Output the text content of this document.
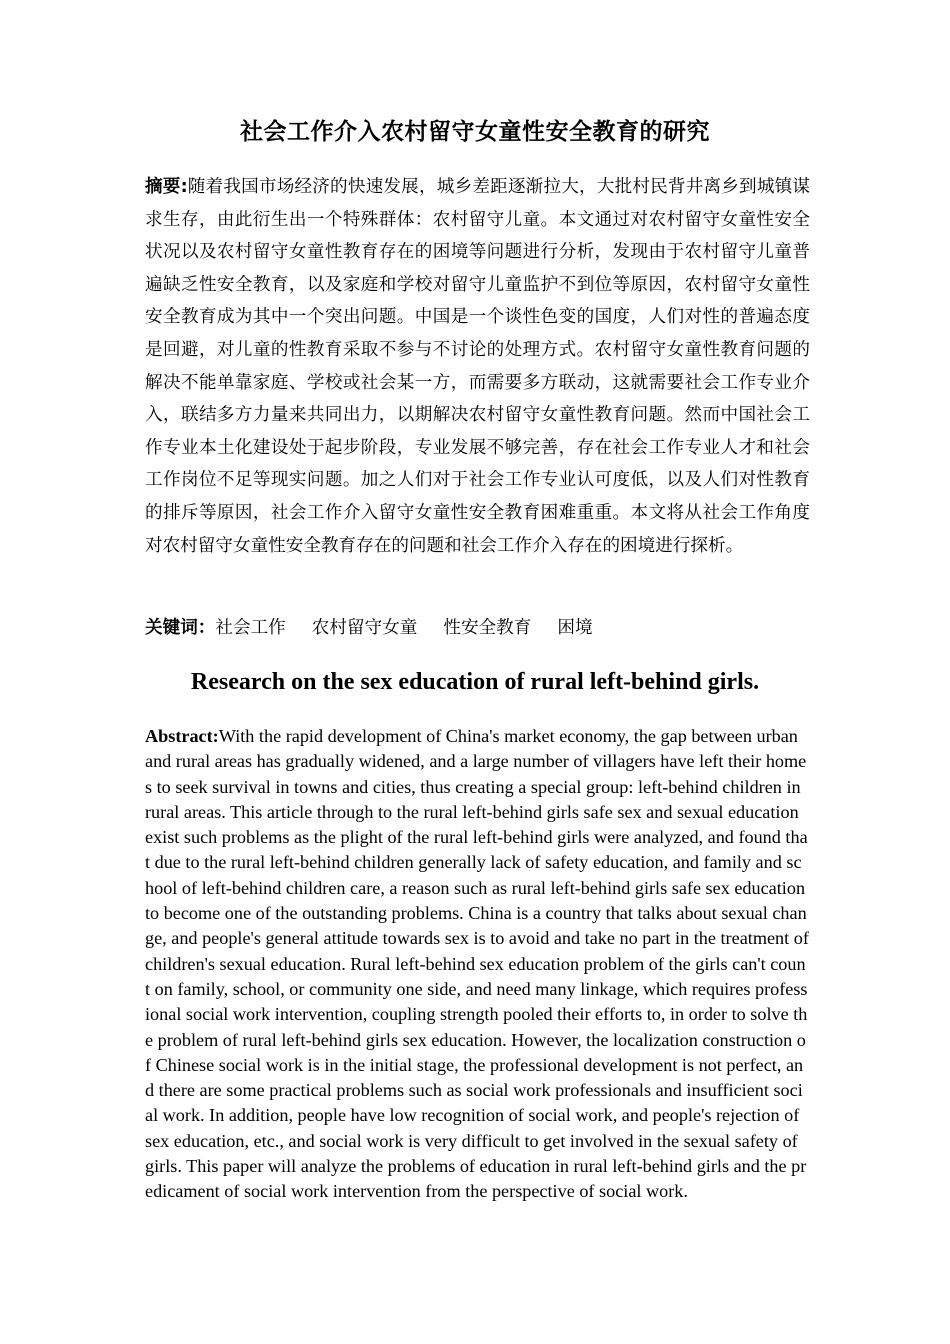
社会工作介入农村留守女童性安全教育的研究
摘要:随着我国市场经济的快速发展，城乡差距逐渐拉大，大批村民背井离乡到城镇谋求生存，由此衍生出一个特殊群体：农村留守儿童。本文通过对农村留守女童性安全状况以及农村留守女童性教育存在的困境等问题进行分析，发现由于农村留守儿童普遍缺乏性安全教育，以及家庭和学校对留守儿童监护不到位等原因，农村留守女童性安全教育成为其中一个突出问题。中国是一个谈性色变的国度，人们对性的普遍态度是回避，对儿童的性教育采取不参与不讨论的处理方式。农村留守女童性教育问题的解决不能单靠家庭、学校或社会某一方，而需要多方联动，这就需要社会工作专业介入，联结多方力量来共同出力，以期解决农村留守女童性教育问题。然而中国社会工作专业本土化建设处于起步阶段，专业发展不够完善，存在社会工作专业人才和社会工作岗位不足等现实问题。加之人们对于社会工作专业认可度低，以及人们对性教育的排斥等原因，社会工作介入留守女童性安全教育困难重重。本文将从社会工作角度对农村留守女童性安全教育存在的问题和社会工作介入存在的困境进行探析。
关键词：社会工作 农村留守女童 性安全教育 困境
Research on the sex education of rural left-behind girls.
Abstract:With the rapid development of China's market economy, the gap between urban and rural areas has gradually widened, and a large number of villagers have left their homes to seek survival in towns and cities, thus creating a special group: left-behind children in rural areas. This article through to the rural left-behind girls safe sex and sexual education exist such problems as the plight of the rural left-behind girls were analyzed, and found that due to the rural left-behind children generally lack of safety education, and family and school of left-behind children care, a reason such as rural left-behind girls safe sex education to become one of the outstanding problems. China is a country that talks about sexual change, and people's general attitude towards sex is to avoid and take no part in the treatment of children's sexual education. Rural left-behind sex education problem of the girls can't count on family, school, or community one side, and need many linkage, which requires professional social work intervention, coupling strength pooled their efforts to, in order to solve the problem of rural left-behind girls sex education. However, the localization construction of Chinese social work is in the initial stage, the professional development is not perfect, and there are some practical problems such as social work professionals and insufficient social work. In addition, people have low recognition of social work, and people's rejection of sex education, etc., and social work is very difficult to get involved in the sexual safety of girls. This paper will analyze the problems of education in rural left-behind girls and the predicament of social work intervention from the perspective of social work.
